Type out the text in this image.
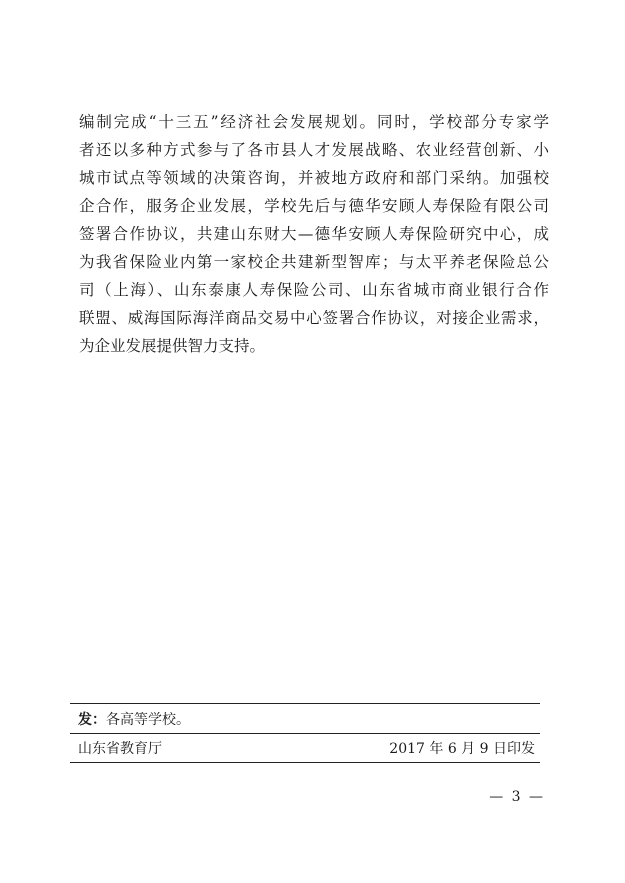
编制完成“十三五”经济社会发展规划。同时，学校部分专家学
者还以多种方式参与了各市县人才发展战略、农业经营创新、小
城市试点等领域的决策咨询，并被地方政府和部门采纳。加强校
企合作，服务企业发展，学校先后与德华安顾人寿保险有限公司
签署合作协议，共建山东财大—德华安顾人寿保险研究中心，成
为我省保险业内第一家校企共建新型智库；与太平养老保险总公
司（上海）、山东泰康人寿保险公司、山东省城市商业银行合作
联盟、威海国际海洋商品交易中心签署合作协议，对接企业需求，
为企业发展提供智力支持。
发：各高等学校。
山东省教育厅	2017 年 6 月 9 日印发
— 3 —
